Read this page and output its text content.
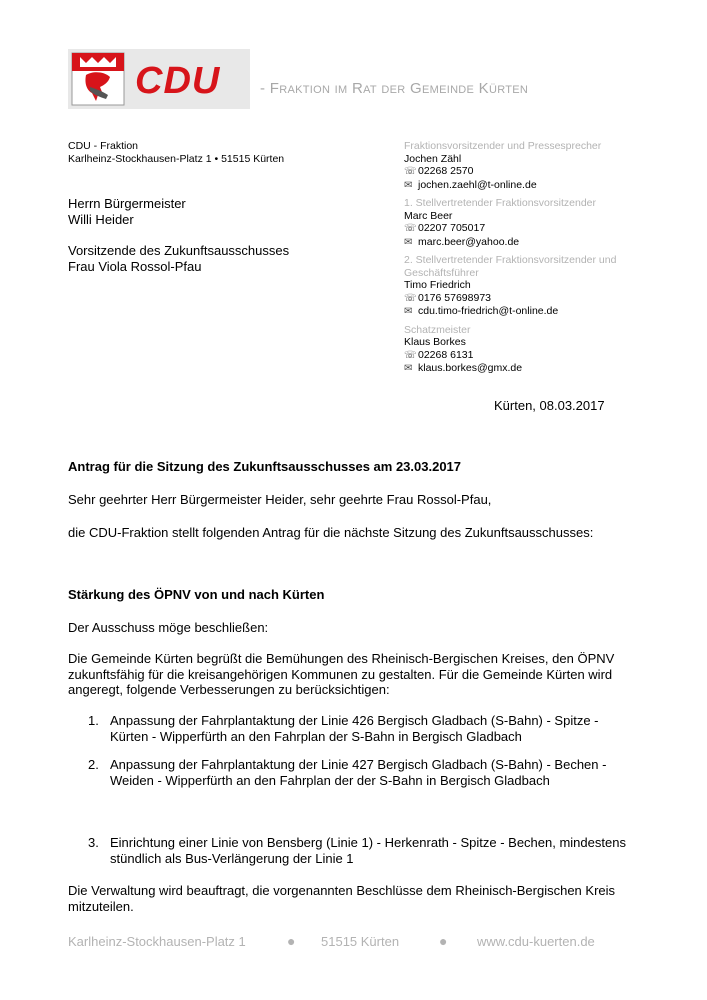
CDU	- Fraktion im Rat der Gemeinde Kürten
CDU - Fraktion
Karlheinz-Stockhausen-Platz 1 • 51515 Kürten
Herrn Bürgermeister
Willi Heider
Vorsitzende des Zukunftsausschusses
Frau Viola Rossol-Pfau
Fraktionsvorsitzender und Pressesprecher
Jochen Zähl
☏02268 2570
✉ jochen.zaehl@t-online.de
1. Stellvertretender Fraktionsvorsitzender
Marc Beer
☏02207 705017
✉ marc.beer@yahoo.de
2. Stellvertretender Fraktionsvorsitzender und
Geschäftsführer
Timo Friedrich
☏0176 57698973
✉ cdu.timo-friedrich@t-online.de
Schatzmeister
Klaus Borkes
☏02268 6131
✉ klaus.borkes@gmx.de
Kürten, 08.03.2017
Antrag für die Sitzung des Zukunftsausschusses am 23.03.2017
Sehr geehrter Herr Bürgermeister Heider, sehr geehrte Frau Rossol-Pfau,
die CDU-Fraktion stellt folgenden Antrag für die nächste Sitzung des Zukunftsausschusses:
Stärkung des ÖPNV von und nach Kürten
Der Ausschuss möge beschließen:
Die Gemeinde Kürten begrüßt die Bemühungen des Rheinisch-Bergischen Kreises, den ÖPNV
zukunftsfähig für die kreisangehörigen Kommunen zu gestalten. Für die Gemeinde Kürten wird
angeregt, folgende Verbesserungen zu berücksichtigen:
1. Anpassung der Fahrplantaktung der Linie 426 Bergisch Gladbach (S-Bahn) - Spitze -
Kürten - Wipperfürth an den Fahrplan der S-Bahn in Bergisch Gladbach
2. Anpassung der Fahrplantaktung der Linie 427 Bergisch Gladbach (S-Bahn) - Bechen -
Weiden - Wipperfürth an den Fahrplan der der S-Bahn in Bergisch Gladbach
3. Einrichtung einer Linie von Bensberg (Linie 1) - Herkenrath - Spitze - Bechen, mindestens
stündlich als Bus-Verlängerung der Linie 1
Die Verwaltung wird beauftragt, die vorgenannten Beschlüsse dem Rheinisch-Bergischen Kreis
mitzuteilen.
Karlheinz-Stockhausen-Platz 1	● 51515 Kürten	● www.cdu-kuerten.de
